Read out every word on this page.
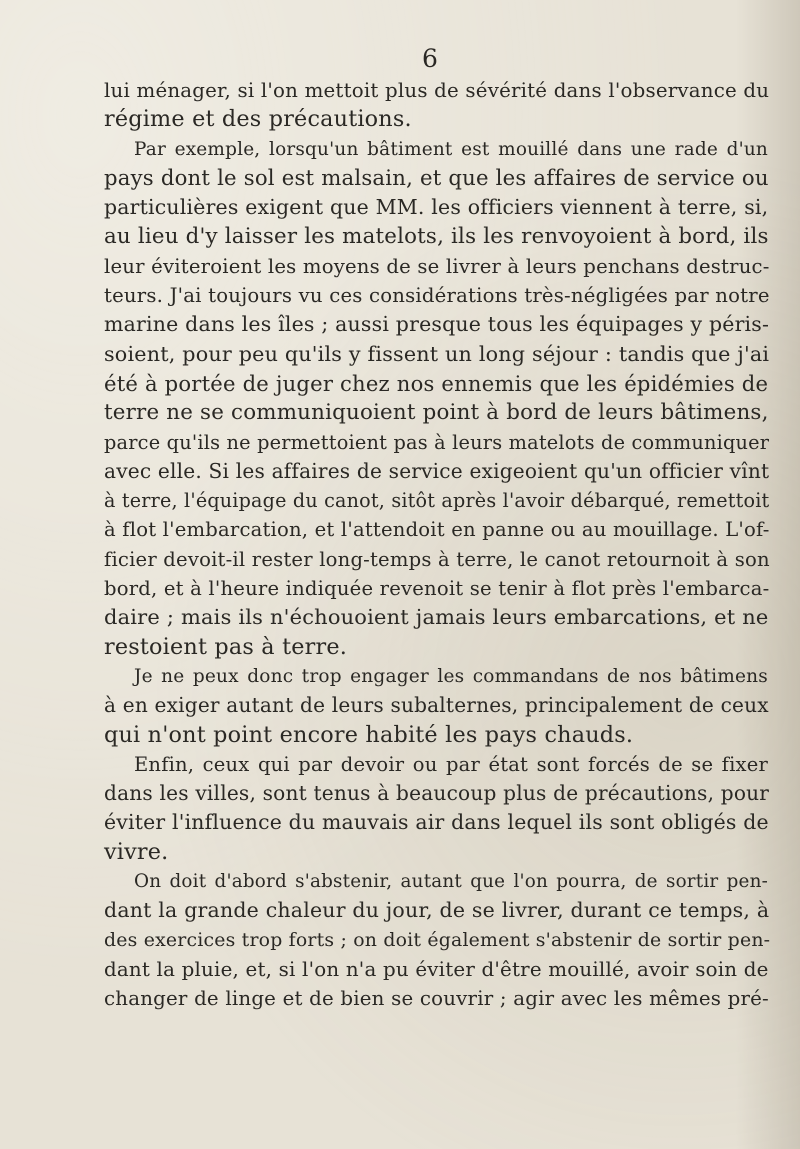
6

lui ménager, si l'on mettoit plus de sévérité dans l'observance du
régime et des précautions.

Par exemple, lorsqu'un bâtiment est mouillé dans une rade d'un
pays dont le sol est malsain, et que les affaires de service ou
particulières exigent que MM. les officiers viennent à terre, si,
au lieu d'y laisser les matelots, ils les renvoyoient à bord, ils
leur éviteroient les moyens de se livrer à leurs penchans destruc-
teurs. J'ai toujours vu ces considérations très-négligées par notre
marine dans les îles ; aussi presque tous les équipages y péris-
soient, pour peu qu'ils y fissent un long séjour : tandis que j'ai
été à portée de juger chez nos ennemis que les épidémies de
terre ne se communiquoient point à bord de leurs bâtimens,
parce qu'ils ne permettoient pas à leurs matelots de communiquer
avec elle. Si les affaires de service exigeoient qu'un officier vînt
à terre, l'équipage du canot, sitôt après l'avoir débarqué, remettoit
à flot l'embarcation, et l'attendoit en panne ou au mouillage. L'of-
ficier devoit-il rester long-temps à terre, le canot retournoit à son
bord, et à l'heure indiquée revenoit se tenir à flot près l'embarca-
daire ; mais ils n'échouoient jamais leurs embarcations, et ne
restoient pas à terre.

Je ne peux donc trop engager les commandans de nos bâtimens
à en exiger autant de leurs subalternes, principalement de ceux
qui n'ont point encore habité les pays chauds.

Enfin, ceux qui par devoir ou par état sont forcés de se fixer
dans les villes, sont tenus à beaucoup plus de précautions, pour
éviter l'influence du mauvais air dans lequel ils sont obligés de
vivre.

On doit d'abord s'abstenir, autant que l'on pourra, de sortir pen-
dant la grande chaleur du jour, de se livrer, durant ce temps, à
des exercices trop forts ; on doit également s'abstenir de sortir pen-
dant la pluie, et, si l'on n'a pu éviter d'être mouillé, avoir soin de
changer de linge et de bien se couvrir ; agir avec les mêmes pré-
